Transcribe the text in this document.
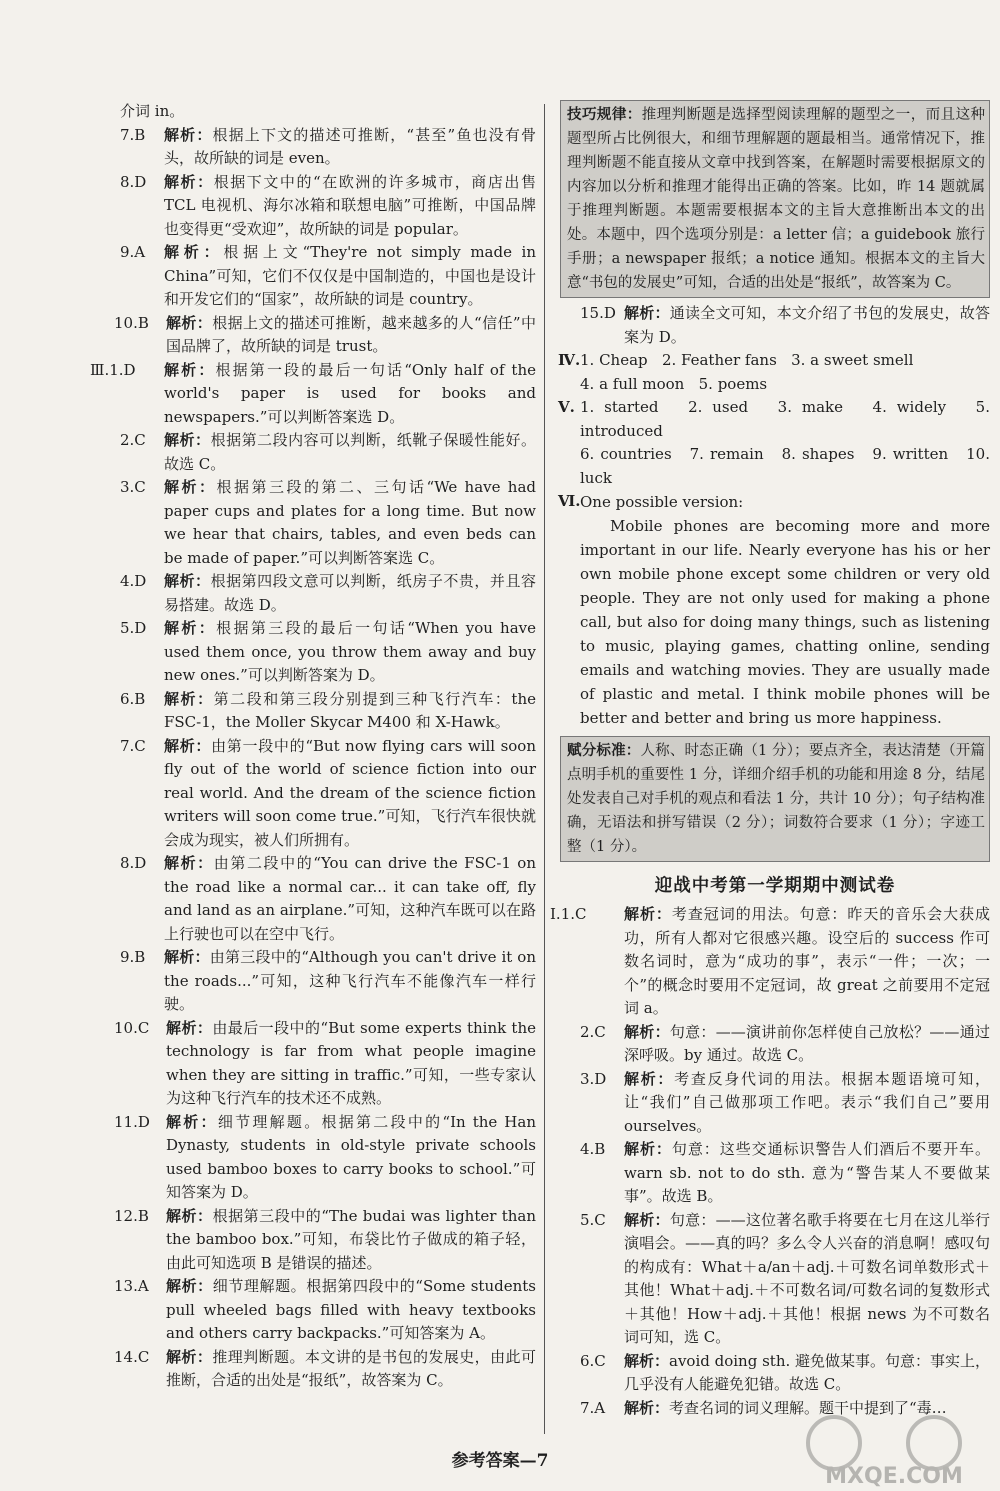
介词 in。
7.B 解析：根据上下文的描述可推断，“甚至”鱼也没有骨头，故所缺的词是 even。
8.D 解析：根据下文中的“在欧洲的许多城市，商店出售 TCL 电视机、海尔冰箱和联想电脑”可推断，中国品牌也变得更“受欢迎”，故所缺的词是 popular。
9.A 解析：根据上文“They're not simply made in China”可知，它们不仅仅是中国制造的，中国也是设计和开发它们的“国家”，故所缺的词是 country。
10.B 解析：根据上文的描述可推断，越来越多的人“信任”中国品牌了，故所缺的词是 trust。
Ⅲ.1.D 解析：根据第一段的最后一句话“Only half of the world's paper is used for books and newspapers.”可以判断答案选 D。
2.C 解析：根据第二段内容可以判断，纸靴子保暖性能好。故选 C。
3.C 解析：根据第三段的第二、三句话“We have had paper cups and plates for a long time. But now we hear that chairs, tables, and even beds can be made of paper.”可以判断答案选 C。
4.D 解析：根据第四段文意可以判断，纸房子不贵，并且容易搭建。故选 D。
5.D 解析：根据第三段的最后一句话“When you have used them once, you throw them away and buy new ones.”可以判断答案为 D。
6.B 解析：第二段和第三段分别提到三种飞行汽车：the FSC-1，the Moller Skycar M400 和 X-Hawk。
7.C 解析：由第一段中的“But now flying cars will soon fly out of the world of science fiction into our real world. And the dream of the science fiction writers will soon come true.”可知，飞行汽车很快就会成为现实，被人们所拥有。
8.D 解析：由第二段中的“You can drive the FSC-1 on the road like a normal car... it can take off, fly and land as an airplane.”可知，这种汽车既可以在路上行驶也可以在空中飞行。
9.B 解析：由第三段中的“Although you can't drive it on the roads...”可知，这种飞行汽车不能像汽车一样行驶。
10.C 解析：由最后一段中的“But some experts think the technology is far from what people imagine when they are sitting in traffic.”可知，一些专家认为这种飞行汽车的技术还不成熟。
11.D 解析：细节理解题。根据第二段中的“In the Han Dynasty, students in old-style private schools used bamboo boxes to carry books to school.”可知答案为 D。
12.B 解析：根据第三段中的“The budai was lighter than the bamboo box.”可知，布袋比竹子做成的箱子轻，由此可知选项 B 是错误的描述。
13.A 解析：细节理解题。根据第四段中的“Some students pull wheeled bags filled with heavy textbooks and others carry backpacks.”可知答案为 A。
14.C 解析：推理判断题。本文讲的是书包的发展史，由此可推断，合适的出处是“报纸”，故答案为 C。
技巧规律：推理判断题是选择型阅读理解的题型之一，而且这种题型所占比例很大，和细节理解题的题最相当。通常情况下，推理判断题不能直接从文章中找到答案，在解题时需要根据原文的内容加以分析和推理才能得出正确的答案。比如，昨 14 题就属于推理判断题。本题需要根据本文的主旨大意推断出本文的出处。本题中，四个选项分别是：a letter 信；a guidebook 旅行手册；a newspaper 报纸；a notice 通知。根据本文的主旨大意“书包的发展史”可知，合适的出处是“报纸”，故答案为 C。
15.D 解析：通读全文可知，本文介绍了书包的发展史，故答案为 D。
Ⅳ. 1. Cheap   2. Feather fans   3. a sweet smell
4. a full moon   5. poems
Ⅴ. 1. started   2. used   3. make   4. widely   5. introduced
6. countries   7. remain   8. shapes   9. written   10. luck
Ⅵ. One possible version:

Mobile phones are becoming more and more important in our life. Nearly everyone has his or her own mobile phone except some children or very old people. They are not only used for making a phone call, but also for doing many things, such as listening to music, playing games, chatting online, sending emails and watching movies. They are usually made of plastic and metal. I think mobile phones will be better and better and bring us more happiness.

赋分标准：人称、时态正确（1 分）；要点齐全，表达清楚（开篇点明手机的重要性 1 分，详细介绍手机的功能和用途 8 分，结尾处发表自己对手机的观点和看法 1 分，共计 10 分）；句子结构准确，无语法和拼写错误（2 分）；词数符合要求（1 分）；字迹工整（1 分）。
迎战中考第一学期期中测试卷
Ⅰ.1.C	解析：考查冠词的用法。句意：昨天的音乐会大获成功，所有人都对它很感兴趣。设空后的 success 作可数名词时，意为“成功的事”，表示“一件；一次；一个”的概念时要用不定冠词，故 great 之前要用不定冠词 a。
2.C 解析：句意：——演讲前你怎样使自己放松？——通过深呼吸。by 通过。故选 C。
3.D 解析：考查反身代词的用法。根据本题语境可知，让“我们”自己做那项工作吧。表示“我们自己”要用 ourselves。
4.B 解析：句意：这些交通标识警告人们酒后不要开车。warn sb. not to do sth. 意为“警告某人不要做某事”。故选 B。
5.C 解析：句意：——这位著名歌手将要在七月在这儿举行演唱会。——真的吗？多么令人兴奋的消息啊！感叹句的构成有：What＋a/an＋adj.＋可数名词单数形式＋其他！What＋adj.＋不可数名词/可数名词的复数形式＋其他！How＋adj.＋其他！根据 news 为不可数名词可知，选 C。
6.C 解析：avoid doing sth. 避免做某事。句意：事实上，几乎没有人能避免犯错。故选 C。
7.A 解析：考查名词的词义理解。题干中提到了“毒…
参考答案—7
MXQE.COM
